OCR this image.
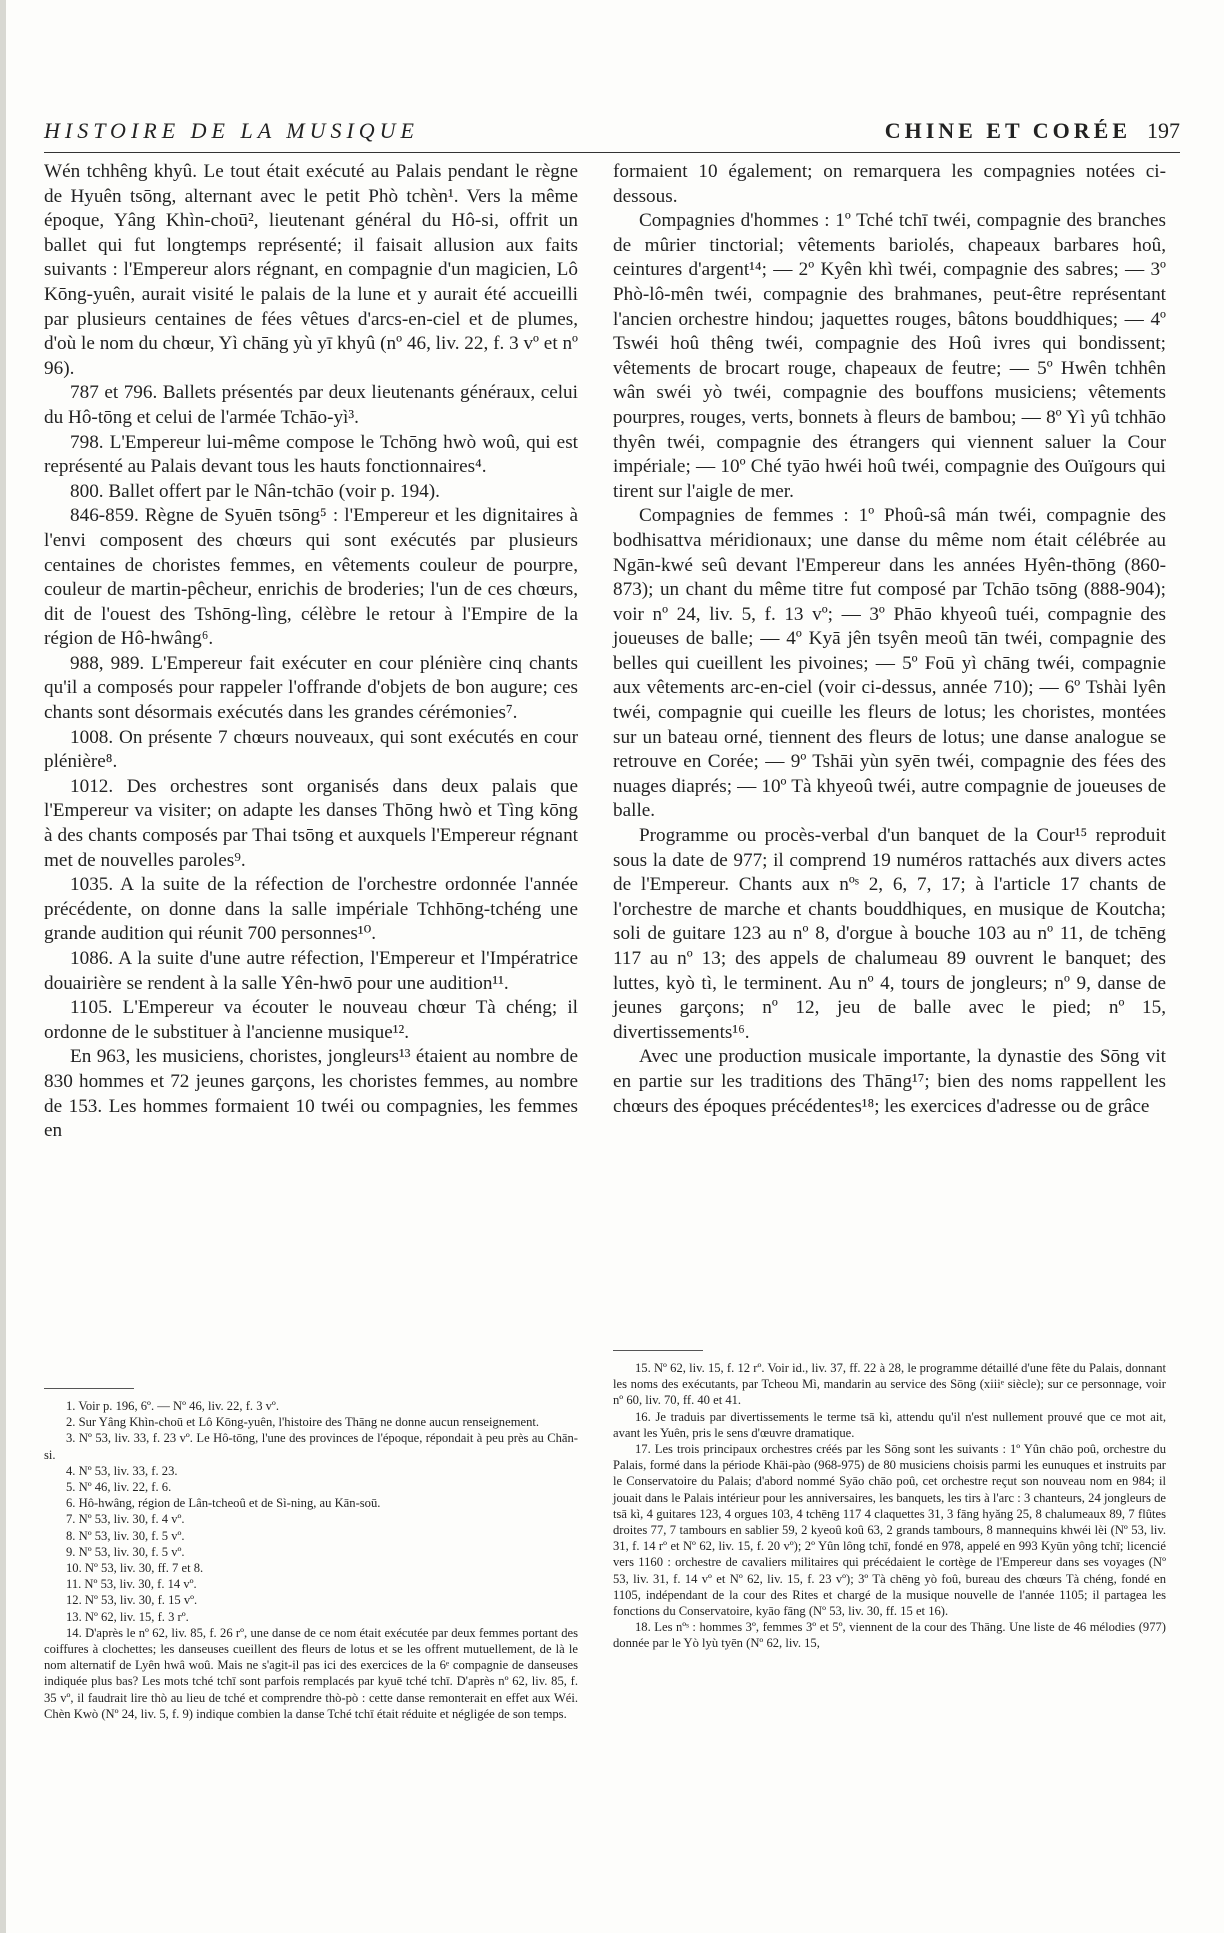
HISTOIRE DE LA MUSIQUE	CHINE ET CORÉE 197

Wén tchhêng khyû. Le tout était exécuté au Palais pendant le règne de Hyuên tsōng, alternant avec le petit Phò tchèn¹. Vers la même époque, Yâng Khìn-choū², lieutenant général du Hô-si, offrit un ballet qui fut longtemps représenté; il faisait allusion aux faits suivants : l'Empereur alors régnant, en compagnie d'un magicien, Lô Kōng-yuên, aurait visité le palais de la lune et y aurait été accueilli par plusieurs centaines de fées vêtues d'arcs-en-ciel et de plumes, d'où le nom du chœur, Yì chāng yù yī khyû (nº 46, liv. 22, f. 3 vº et nº 96).

787 et 796. Ballets présentés par deux lieutenants généraux, celui du Hô-tōng et celui de l'armée Tchāo-yì³.

798. L'Empereur lui-même compose le Tchōng hwò woû, qui est représenté au Palais devant tous les hauts fonctionnaires⁴.

800. Ballet offert par le Nân-tchāo (voir p. 194).

846-859. Règne de Syuēn tsōng⁵ : l'Empereur et les dignitaires à l'envi composent des chœurs qui sont exécutés par plusieurs centaines de choristes femmes, en vêtements couleur de pourpre, couleur de martin-pêcheur, enrichis de broderies; l'un de ces chœurs, dit de l'ouest des Tshōng-lìng, célèbre le retour à l'Empire de la région de Hô-hwâng⁶.

988, 989. L'Empereur fait exécuter en cour plénière cinq chants qu'il a composés pour rappeler l'offrande d'objets de bon augure; ces chants sont désormais exécutés dans les grandes cérémonies⁷.

1008. On présente 7 chœurs nouveaux, qui sont exécutés en cour plénière⁸.

1012. Des orchestres sont organisés dans deux palais que l'Empereur va visiter; on adapte les danses Thōng hwò et Tìng kōng à des chants composés par Thai tsōng et auxquels l'Empereur régnant met de nouvelles paroles⁹.

1035. A la suite de la réfection de l'orchestre ordonnée l'année précédente, on donne dans la salle impériale Tchhōng-tchéng une grande audition qui réunit 700 personnes¹⁰.

1086. A la suite d'une autre réfection, l'Empereur et l'Impératrice douairière se rendent à la salle Yên-hwō pour une audition¹¹.

1105. L'Empereur va écouter le nouveau chœur Tà chéng; il ordonne de le substituer à l'ancienne musique¹².

En 963, les musiciens, choristes, jongleurs¹³ étaient au nombre de 830 hommes et 72 jeunes garçons, les choristes femmes, au nombre de 153. Les hommes formaient 10 twéi ou compagnies, les femmes en

formaient 10 également; on remarquera les compagnies notées ci-dessous.

Compagnies d'hommes : 1º Tché tchī twéi, compagnie des branches de mûrier tinctorial; vêtements bariolés, chapeaux barbares hoû, ceintures d'argent¹⁴; — 2º Kyên khì twéi, compagnie des sabres; — 3º Phò-lô-mên twéi, compagnie des brahmanes, peut-être représentant l'ancien orchestre hindou; jaquettes rouges, bâtons bouddhiques; — 4º Tswéi hoû thêng twéi, compagnie des Hoû ivres qui bondissent; vêtements de brocart rouge, chapeaux de feutre; — 5º Hwên tchhên wân swéi yò twéi, compagnie des bouffons musiciens; vêtements pourpres, rouges, verts, bonnets à fleurs de bambou; — 8º Yì yû tchhāo thyên twéi, compagnie des étrangers qui viennent saluer la Cour impériale; — 10º Ché tyāo hwéi hoû twéi, compagnie des Ouïgours qui tirent sur l'aigle de mer.

Compagnies de femmes : 1º Phoû-sâ mán twéi, compagnie des bodhisattva méridionaux; une danse du même nom était célébrée au Ngān-kwé seû devant l'Empereur dans les années Hyên-thōng (860-873); un chant du même titre fut composé par Tchāo tsōng (888-904); voir nº 24, liv. 5, f. 13 vº; — 3º Phāo khyeoû tuéi, compagnie des joueuses de balle; — 4º Kyā jên tsyên meoû tān twéi, compagnie des belles qui cueillent les pivoines; — 5º Foū yì chāng twéi, compagnie aux vêtements arc-en-ciel (voir ci-dessus, année 710); — 6º Tshài lyên twéi, compagnie qui cueille les fleurs de lotus; les choristes, montées sur un bateau orné, tiennent des fleurs de lotus; une danse analogue se retrouve en Corée; — 9º Tshāi yùn syēn twéi, compagnie des fées des nuages diaprés; — 10º Tà khyeoû twéi, autre compagnie de joueuses de balle.

Programme ou procès-verbal d'un banquet de la Cour¹⁵ reproduit sous la date de 977; il comprend 19 numéros rattachés aux divers actes de l'Empereur. Chants aux nºˢ 2, 6, 7, 17; à l'article 17 chants de l'orchestre de marche et chants bouddhiques, en musique de Koutcha; soli de guitare 123 au nº 8, d'orgue à bouche 103 au nº 11, de tchēng 117 au nº 13; des appels de chalumeau 89 ouvrent le banquet; des luttes, kyò tì, le terminent. Au nº 4, tours de jongleurs; nº 9, danse de jeunes garçons; nº 12, jeu de balle avec le pied; nº 15, divertissements¹⁶.

Avec une production musicale importante, la dynastie des Sōng vit en partie sur les traditions des Thāng¹⁷; bien des noms rappellent les chœurs des époques précédentes¹⁸; les exercices d'adresse ou de grâce

1. Voir p. 196, 6º. — Nº 46, liv. 22, f. 3 vº.

2. Sur Yâng Khìn-choū et Lô Kōng-yuên, l'histoire des Thāng ne donne aucun renseignement.

3. Nº 53, liv. 33, f. 23 vº. Le Hô-tōng, l'une des provinces de l'époque, répondait à peu près au Chān-si.

4. Nº 53, liv. 33, f. 23.

5. Nº 46, liv. 22, f. 6.

6. Hô-hwâng, région de Lân-tcheoû et de Sì-ning, au Kān-soū.

7. Nº 53, liv. 30, f. 4 vº.

8. Nº 53, liv. 30, f. 5 vº.

9. Nº 53, liv. 30, f. 5 vº.

10. Nº 53, liv. 30, ff. 7 et 8.

11. Nº 53, liv. 30, f. 14 vº.

12. Nº 53, liv. 30, f. 15 vº.

13. Nº 62, liv. 15, f. 3 rº.

14. D'après le nº 62, liv. 85, f. 26 rº, une danse de ce nom était exécutée par deux femmes portant des coiffures à clochettes; les danseuses cueillent des fleurs de lotus et se les offrent mutuellement, de là le nom alternatif de Lyên hwâ woû. Mais ne s'agit-il pas ici des exercices de la 6ᵉ compagnie de danseuses indiquée plus bas? Les mots tché tchī sont parfois remplacés par kyuē tché tchī. D'après nº 62, liv. 85, f. 35 vº, il faudrait lire thò au lieu de tché et comprendre thò-pò : cette danse remonterait en effet aux Wéi. Chèn Kwò (Nº 24, liv. 5, f. 9) indique combien la danse Tché tchī était réduite et négligée de son temps.

15. Nº 62, liv. 15, f. 12 rº. Voir id., liv. 37, ff. 22 à 28, le programme détaillé d'une fête du Palais, donnant les noms des exécutants, par Tcheou Mì, mandarin au service des Sōng (xiiiᵉ siècle); sur ce personnage, voir nº 60, liv. 70, ff. 40 et 41.

16. Je traduis par divertissements le terme tsā kì, attendu qu'il n'est nullement prouvé que ce mot ait, avant les Yuên, pris le sens d'œuvre dramatique.

17. Les trois principaux orchestres créés par les Sōng sont les suivants : 1º Yûn chāo poû, orchestre du Palais, formé dans la période Khāi-pào (968-975) de 80 musiciens choisis parmi les eunuques et instruits par le Conservatoire du Palais; d'abord nommé Syāo chāo poû, cet orchestre reçut son nouveau nom en 984; il jouait dans le Palais intérieur pour les anniversaires, les banquets, les tirs à l'arc : 3 chanteurs, 24 jongleurs de tsā kì, 4 guitares 123, 4 orgues 103, 4 tchēng 117 4 claquettes 31, 3 fāng hyǎng 25, 8 chalumeaux 89, 7 flûtes droites 77, 7 tambours en sablier 59, 2 kyeoû koû 63, 2 grands tambours, 8 mannequins khwéi lèi (Nº 53, liv. 31, f. 14 rº et Nº 62, liv. 15, f. 20 vº); 2º Yûn lông tchī, fondé en 978, appelé en 993 Kyūn yông tchī; licencié vers 1160 : orchestre de cavaliers militaires qui précédaient le cortège de l'Empereur dans ses voyages (Nº 53, liv. 31, f. 14 vº et Nº 62, liv. 15, f. 23 vº); 3º Tà chēng yò foû, bureau des chœurs Tà chéng, fondé en 1105, indépendant de la cour des Rites et chargé de la musique nouvelle de l'année 1105; il partagea les fonctions du Conservatoire, kyāo fāng (Nº 53, liv. 30, ff. 15 et 16).

18. Les nºˢ : hommes 3º, femmes 3º et 5º, viennent de la cour des Thāng. Une liste de 46 mélodies (977) donnée par le Yò lyù tyēn (Nº 62, liv. 15,
